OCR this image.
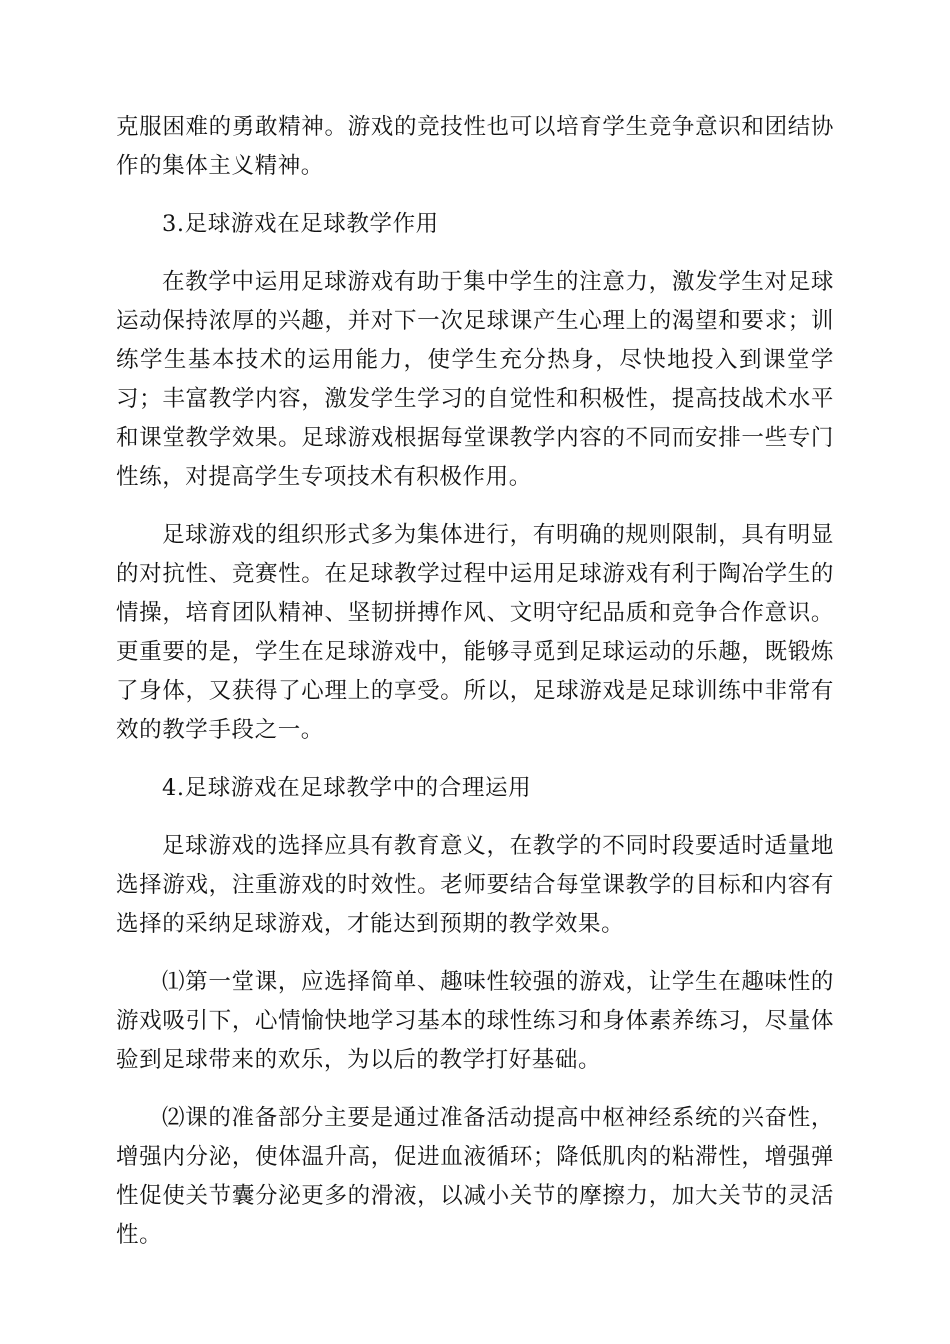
克服困难的勇敢精神。游戏的竞技性也可以培育学生竞争意识和团结协作的集体主义精神。

3.足球游戏在足球教学作用

在教学中运用足球游戏有助于集中学生的注意力，激发学生对足球运动保持浓厚的兴趣，并对下一次足球课产生心理上的渴望和要求；训练学生基本技术的运用能力，使学生充分热身，尽快地投入到课堂学习；丰富教学内容，激发学生学习的自觉性和积极性，提高技战术水平和课堂教学效果。足球游戏根据每堂课教学内容的不同而安排一些专门性练，对提高学生专项技术有积极作用。

足球游戏的组织形式多为集体进行，有明确的规则限制，具有明显的对抗性、竞赛性。在足球教学过程中运用足球游戏有利于陶冶学生的情操，培育团队精神、坚韧拼搏作风、文明守纪品质和竞争合作意识。更重要的是，学生在足球游戏中，能够寻觅到足球运动的乐趣，既锻炼了身体，又获得了心理上的享受。所以，足球游戏是足球训练中非常有效的教学手段之一。

4.足球游戏在足球教学中的合理运用

足球游戏的选择应具有教育意义，在教学的不同时段要适时适量地选择游戏，注重游戏的时效性。老师要结合每堂课教学的目标和内容有选择的采纳足球游戏，才能达到预期的教学效果。

⑴第一堂课，应选择简单、趣味性较强的游戏，让学生在趣味性的游戏吸引下，心情愉快地学习基本的球性练习和身体素养练习，尽量体验到足球带来的欢乐，为以后的教学打好基础。

⑵课的准备部分主要是通过准备活动提高中枢神经系统的兴奋性，增强内分泌，使体温升高，促进血液循环；降低肌肉的粘滞性，增强弹性促使关节囊分泌更多的滑液，以减小关节的摩擦力，加大关节的灵活性。
